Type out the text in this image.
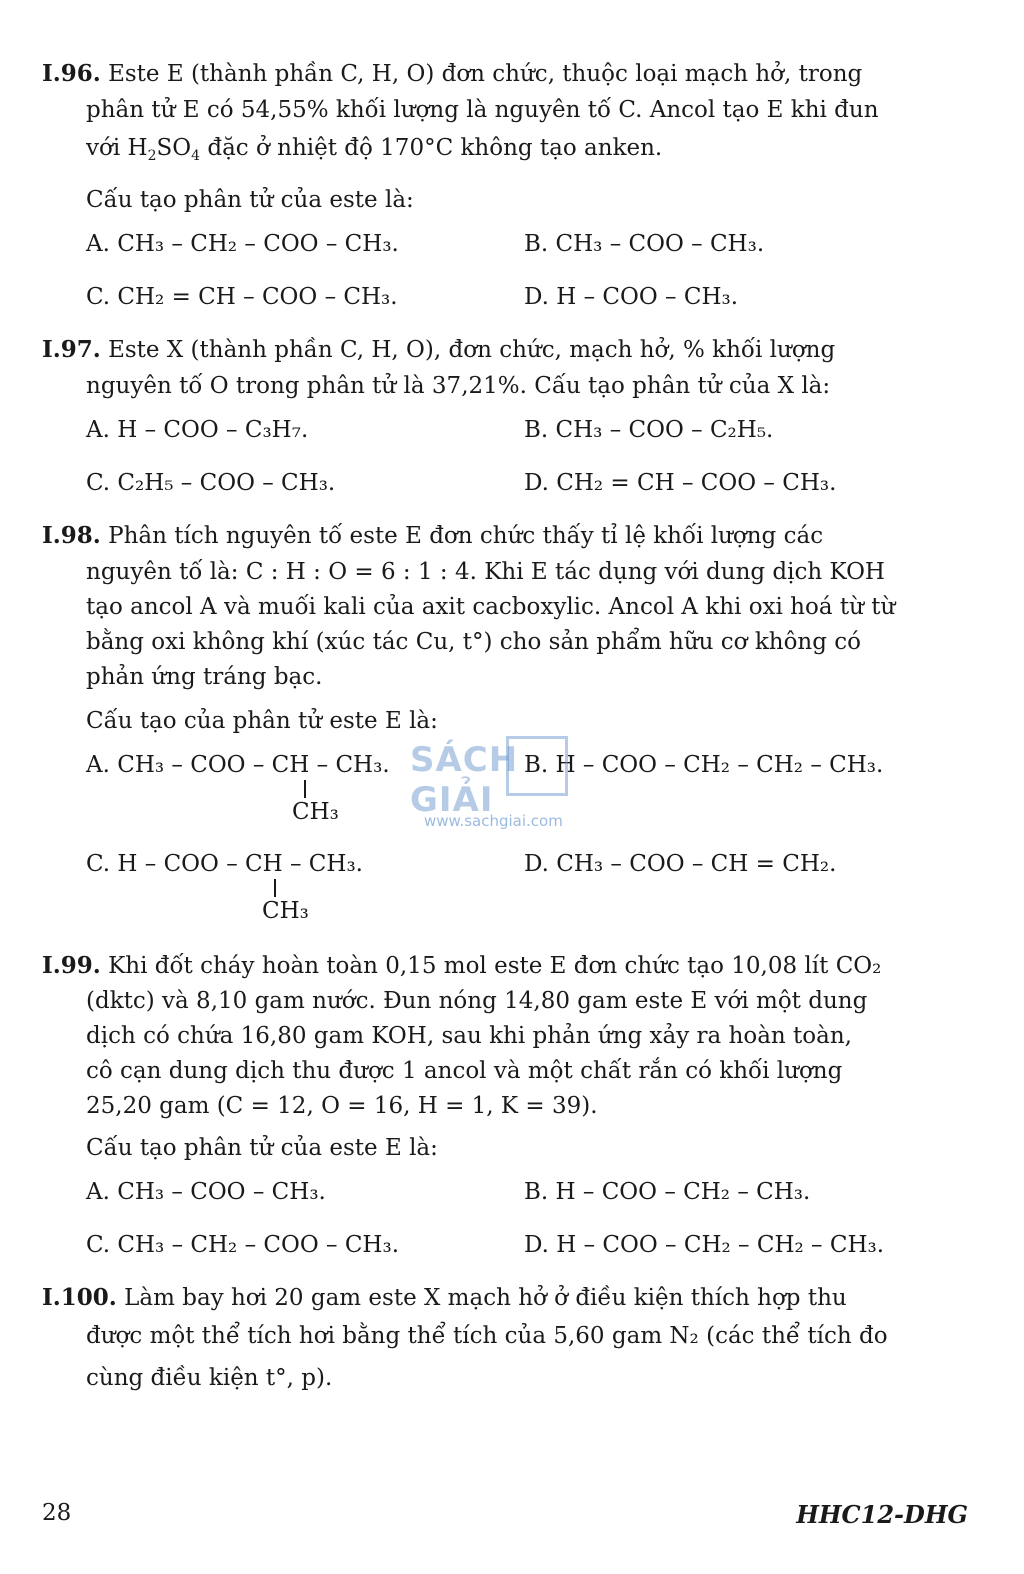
I.96. Este E (thành phần C, H, O) đơn chức, thuộc loại mạch hở, trong
phân tử E có 54,55% khối lượng là nguyên tố C. Ancol tạo E khi đun
với $H_2SO_4$ đặc ở nhiệt độ 170°C không tạo anken.
Cấu tạo phân tử của este là:
A. CH₃ – CH₂ – COO – CH₃.	B. CH₃ – COO – CH₃.
C. CH₂ = CH – COO – CH₃.	D. H – COO – CH₃.
I.97. Este X (thành phần C, H, O), đơn chức, mạch hở, % khối lượng
nguyên tố O trong phân tử là 37,21%. Cấu tạo phân tử của X là:
A. H – COO – C₃H₇.	B. CH₃ – COO – C₂H₅.
C. C₂H₅ – COO – CH₃.	D. CH₂ = CH – COO – CH₃.
I.98. Phân tích nguyên tố este E đơn chức thấy tỉ lệ khối lượng các
nguyên tố là: C : H : O = 6 : 1 : 4. Khi E tác dụng với dung dịch KOH
tạo ancol A và muối kali của axit cacboxylic. Ancol A khi oxi hoá từ từ
bằng oxi không khí (xúc tác Cu, t°) cho sản phẩm hữu cơ không có
phản ứng tráng bạc.
Cấu tạo của phân tử este E là:
A. CH₃ – COO – CH – CH₃.
CH₃
B. H – COO – CH₂ – CH₂ – CH₃.
C. H – COO – CH – CH₃.
CH₃
D. CH₃ – COO – CH = CH₂.
I.99. Khi đốt cháy hoàn toàn 0,15 mol este E đơn chức tạo 10,08 lít CO₂
(dktc) và 8,10 gam nước. Đun nóng 14,80 gam este E với một dung
dịch có chứa 16,80 gam KOH, sau khi phản ứng xảy ra hoàn toàn,
cô cạn dung dịch thu được 1 ancol và một chất rắn có khối lượng
25,20 gam (C = 12, O = 16, H = 1, K = 39).
Cấu tạo phân tử của este E là:
A. CH₃ – COO – CH₃.	B. H – COO – CH₂ – CH₃.
C. CH₃ – CH₂ – COO – CH₃.	D. H – COO – CH₂ – CH₂ – CH₃.
I.100. Làm bay hơi 20 gam este X mạch hở ở điều kiện thích hợp thu
được một thể tích hơi bằng thể tích của 5,60 gam N₂ (các thể tích đo
cùng điều kiện t°, p).
SÁCH GIẢI
www.sachgiai.com
28	HHC12-DHG
